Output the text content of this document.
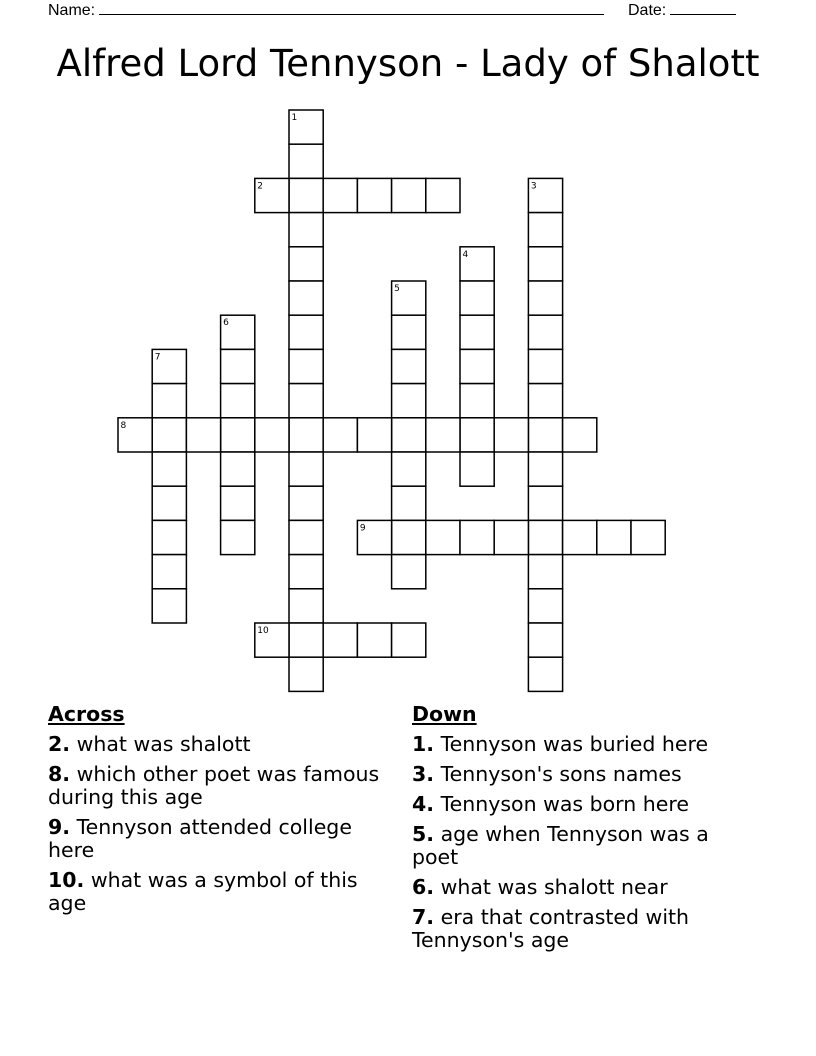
Name:	Date:
Alfred Lord Tennyson - Lady of Shalott
1
2	3
4
5
6
7
8
9
10
Across
2. what was shalott
8. which other poet was famous during this age
9. Tennyson attended college here
10. what was a symbol of this age
Down
1. Tennyson was buried here
3. Tennyson's sons names
4. Tennyson was born here
5. age when Tennyson was a poet
6. what was shalott near
7. era that contrasted with Tennyson's age
